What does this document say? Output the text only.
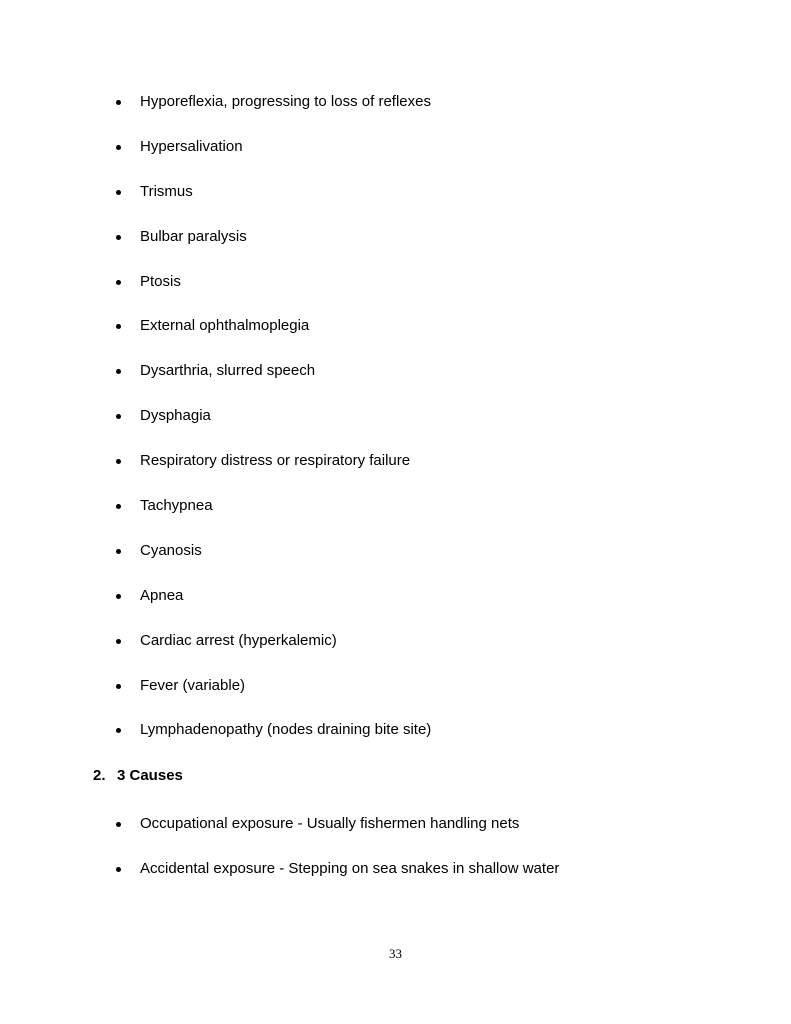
Hyporeflexia, progressing to loss of reflexes
Hypersalivation
Trismus
Bulbar paralysis
Ptosis
External ophthalmoplegia
Dysarthria, slurred speech
Dysphagia
Respiratory distress or respiratory failure
Tachypnea
Cyanosis
Apnea
Cardiac arrest (hyperkalemic)
Fever (variable)
Lymphadenopathy (nodes draining bite site)
2. 3 Causes
Occupational exposure - Usually fishermen handling nets
Accidental exposure - Stepping on sea snakes in shallow water
33
